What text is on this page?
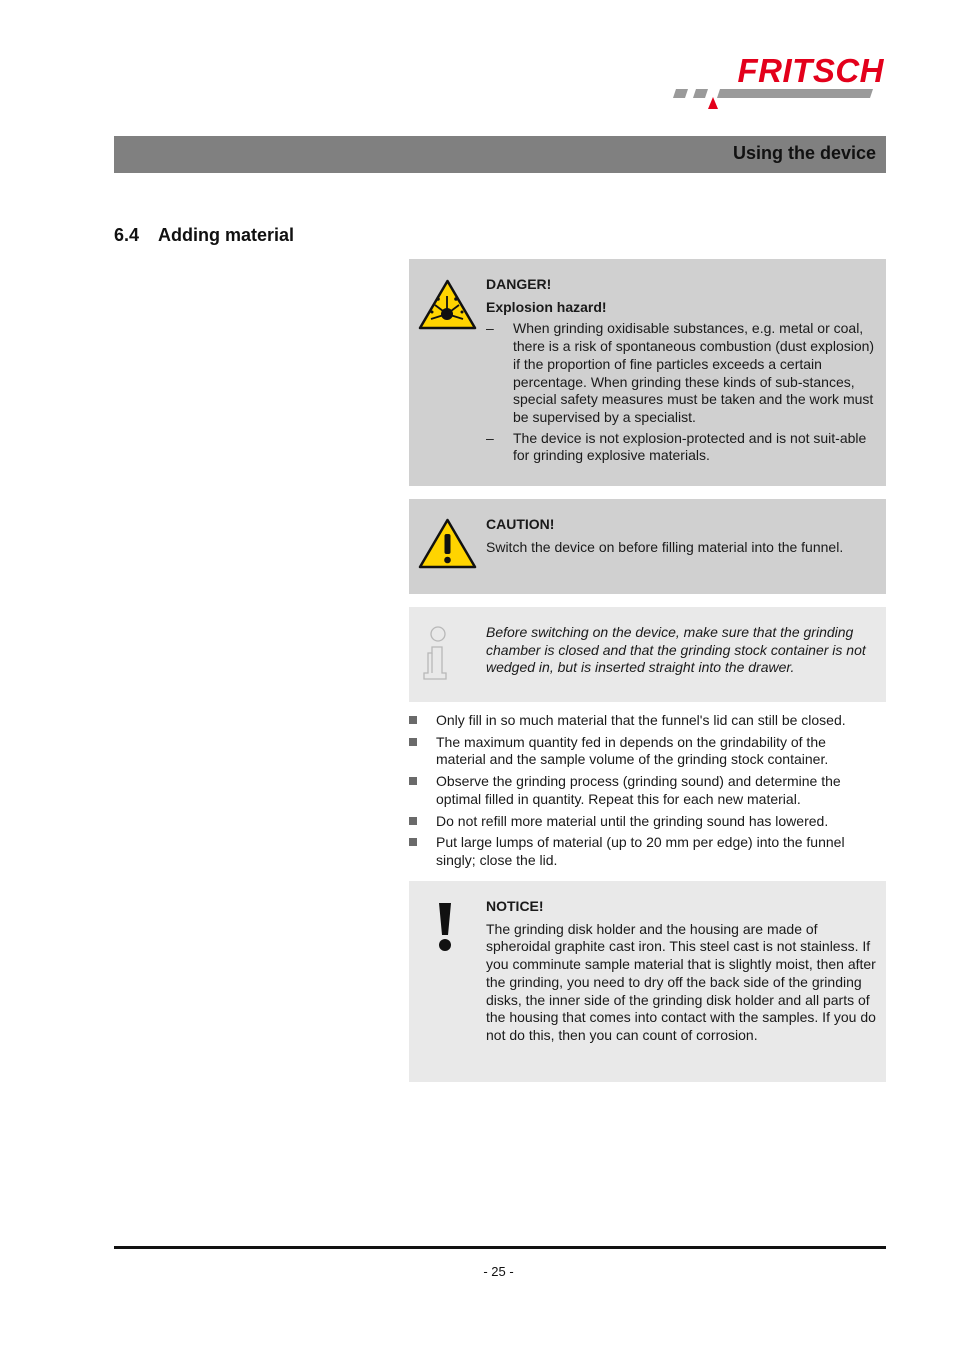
FRITSCH
Using the device
6.4 Adding material
DANGER!
Explosion hazard!
– When grinding oxidisable substances, e.g. metal or coal, there is a risk of spontaneous combustion (dust explosion) if the proportion of fine particles exceeds a certain percentage. When grinding these kinds of sub-stances, special safety measures must be taken and the work must be supervised by a specialist.
– The device is not explosion-protected and is not suit-able for grinding explosive materials.
CAUTION!
Switch the device on before filling material into the funnel.
Before switching on the device, make sure that the grinding chamber is closed and that the grinding stock container is not wedged in, but is inserted straight into the drawer.
Only fill in so much material that the funnel's lid can still be closed.
The maximum quantity fed in depends on the grindability of the material and the sample volume of the grinding stock container.
Observe the grinding process (grinding sound) and determine the optimal filled in quantity. Repeat this for each new material.
Do not refill more material until the grinding sound has lowered.
Put large lumps of material (up to 20 mm per edge) into the funnel singly; close the lid.
NOTICE!
The grinding disk holder and the housing are made of spheroidal graphite cast iron. This steel cast is not stainless. If you comminute sample material that is slightly moist, then after the grinding, you need to dry off the back side of the grinding disks, the inner side of the grinding disk holder and all parts of the housing that comes into contact with the samples. If you do not do this, then you can count of corrosion.
- 25 -
